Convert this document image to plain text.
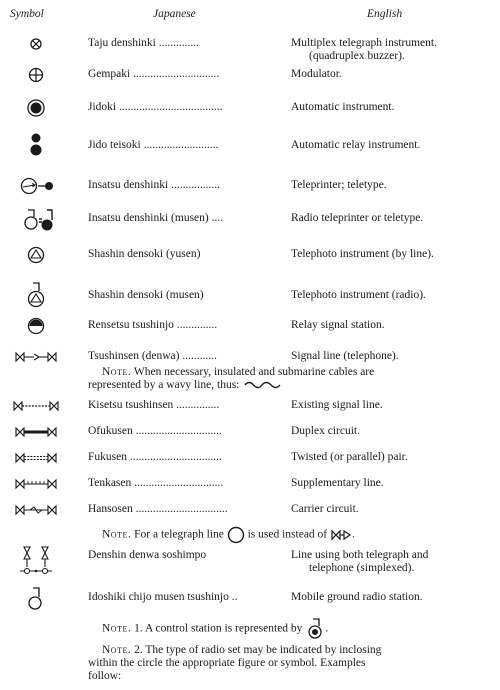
Symbol	Japanese	English
Taju denshinki ..............	Multiplex telegraph instrument.
(quadruplex buzzer).
Gempaki ..............................	Modulator.
Jidoki ....................................	Automatic instrument.
Jido teisoki ..........................	Automatic relay instrument.
Insatsu denshinki .................	Teleprinter; teletype.
Insatsu denshinki (musen) ....	Radio teleprinter or teletype.
Shashin densoki (yusen)	Telephoto instrument (by line).
Shashin densoki (musen)	Telephoto instrument (radio).
Rensetsu tsushinjo ..............	Relay signal station.
Tsushinsen (denwa) ............	Signal line (telephone).
Note. When necessary, insulated and submarine cables are
represented by a wavy line, thus:
Kisetsu tsushinsen ...............	Existing signal line.
Ofukusen ..............................	Duplex circuit.
Fukusen ................................	Twisted (or parallel) pair.
Tenkasen ...............................	Supplementary line.
Hansosen ................................	Carrier circuit.
Note. For a telegraph line is used instead of .
Denshin denwa soshimpo	Line using both telegraph and
telephone (simplexed).
Idoshiki chijo musen tsushinjo ..	Mobile ground radio station.
Note. 1. A control station is represented by .
Note. 2. The type of radio set may be indicated by inclosing
within the circle the appropriate figure or symbol. Examples
follow:
